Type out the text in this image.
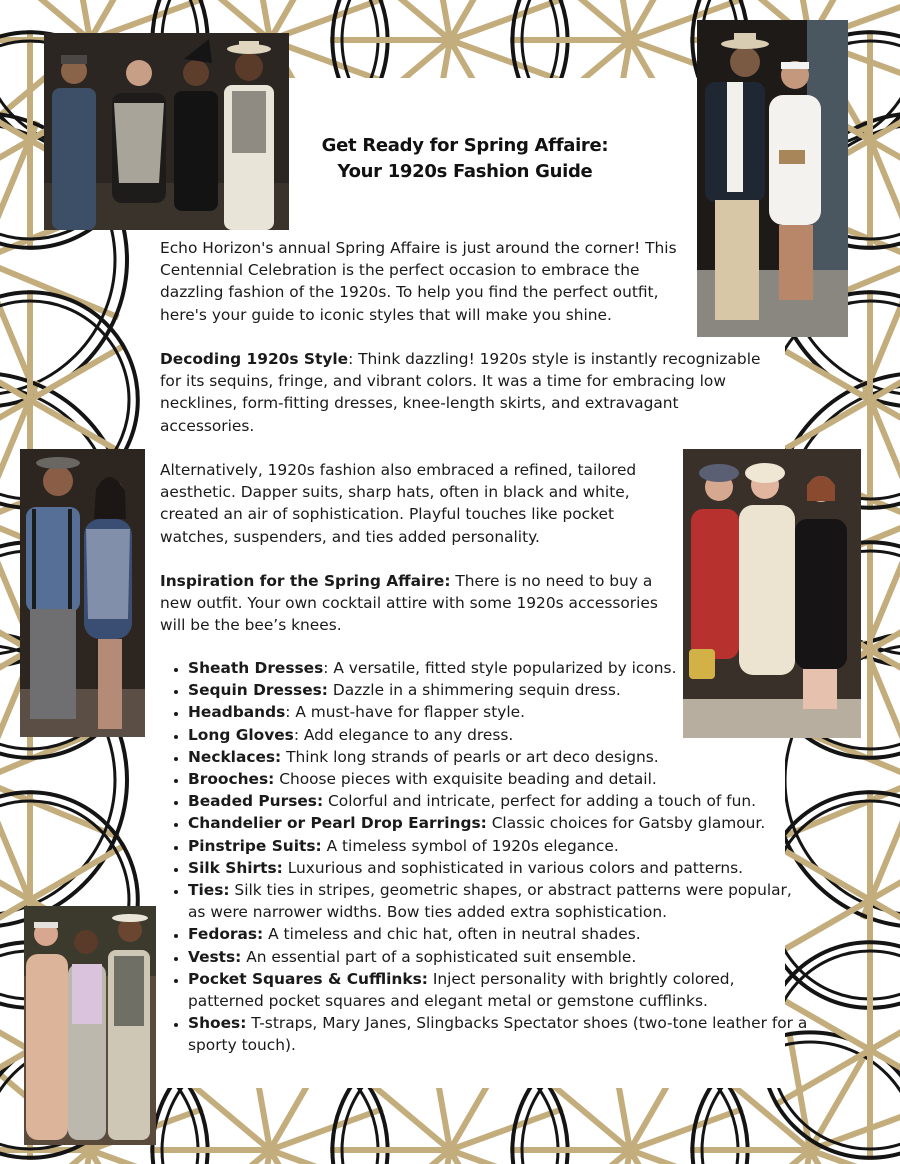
Get Ready for Spring Affaire:
Your 1920s Fashion Guide

Echo Horizon's annual Spring Affaire is just around the corner! This Centennial Celebration is the perfect occasion to embrace the dazzling fashion of the 1920s. To help you find the perfect outfit, here's your guide to iconic styles that will make you shine.

Decoding 1920s Style: Think dazzling! 1920s style is instantly recognizable for its sequins, fringe, and vibrant colors. It was a time for embracing low necklines, form-fitting dresses, knee-length skirts, and extravagant accessories.

Alternatively, 1920s fashion also embraced a refined, tailored aesthetic. Dapper suits, sharp hats, often in black and white, created an air of sophistication. Playful touches like pocket watches, suspenders, and ties added personality.

Inspiration for the Spring Affaire: There is no need to buy a new outfit. Your own cocktail attire with some 1920s accessories will be the bee’s knees.

• Sheath Dresses: A versatile, fitted style popularized by icons.
• Sequin Dresses: Dazzle in a shimmering sequin dress.
• Headbands: A must-have for flapper style.
• Long Gloves: Add elegance to any dress.
• Necklaces: Think long strands of pearls or art deco designs.
• Brooches: Choose pieces with exquisite beading and detail.
• Beaded Purses: Colorful and intricate, perfect for adding a touch of fun.
• Chandelier or Pearl Drop Earrings: Classic choices for Gatsby glamour.
• Pinstripe Suits: A timeless symbol of 1920s elegance.
• Silk Shirts: Luxurious and sophisticated in various colors and patterns.
• Ties: Silk ties in stripes, geometric shapes, or abstract patterns were popular, as were narrower widths. Bow ties added extra sophistication.
• Fedoras: A timeless and chic hat, often in neutral shades.
• Vests: An essential part of a sophisticated suit ensemble.
• Pocket Squares & Cufflinks: Inject personality with brightly colored, patterned pocket squares and elegant metal or gemstone cufflinks.
• Shoes: T-straps, Mary Janes, Slingbacks Spectator shoes (two-tone leather for a sporty touch).
